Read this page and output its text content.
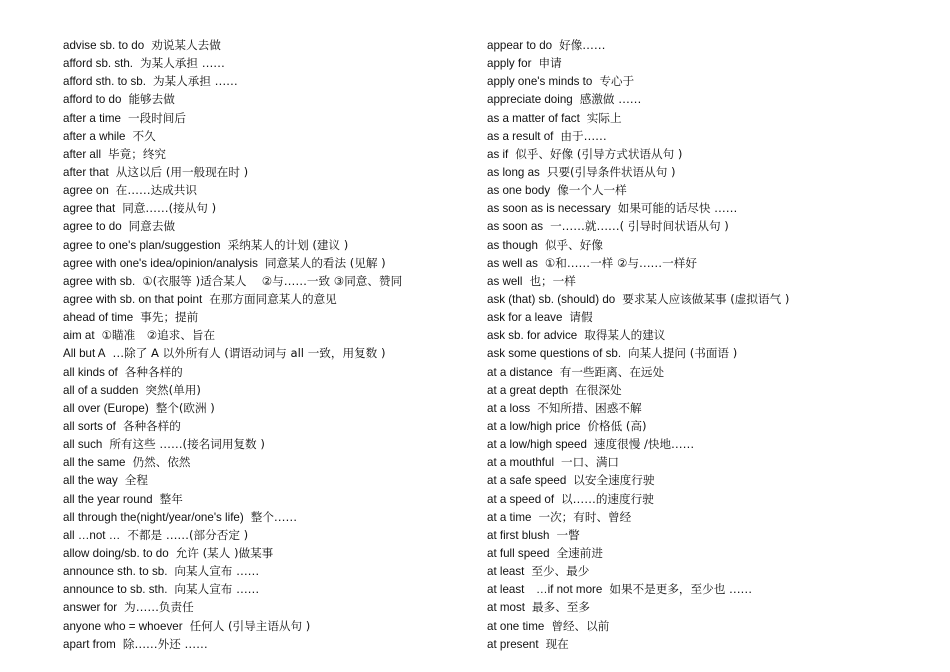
advise sb. to do 劝说某人去做
afford sb. sth. 为某人承担 ……
afford sth. to sb. 为某人承担 ……
afford to do 能够去做
after a time 一段时间后
after a while 不久
after all 毕竟；终究
after that 从这以后 (用一般现在时 )
agree on 在……达成共识
agree that 同意……(接从句 )
agree to do 同意去做
agree to one's plan/suggestion 采纳某人的计划 (建议 )
agree with one's idea/opinion/analysis 同意某人的看法 (见解 )
agree with sb. ①(衣服等 )适合某人　 ②与……一致 ③同意、赞同
agree with sb. on that point 在那方面同意某人的意见
ahead of time 事先；提前
aim at ①瞄准　②追求、旨在
All but A …除了 A 以外所有人 (谓语动词与 all 一致，用复数 )
all kinds of 各种各样的
all of a sudden 突然(单用)
all over (Europe) 整个(欧洲 )
all sorts of 各种各样的
all such 所有这些 ……(接名词用复数 )
all the same 仍然、依然
all the way 全程
all the year round 整年
all through the(night/year/one's life) 整个……
all …not … 不都是 ……(部分否定 )
allow doing/sb. to do 允许 (某人 )做某事
announce sth. to sb. 向某人宣布 ……
announce to sb. sth. 向某人宣布 ……
answer for 为……负责任
anyone who = whoever 任何人 (引导主语从句 )
apart from 除……外还 ……
appear to do 好像……
apply for 申请
apply one's minds to 专心于
appreciate doing 感激做 ……
as a matter of fact 实际上
as a result of 由于……
as if 似乎、好像 (引导方式状语从句 )
as long as 只要(引导条件状语从句 )
as one body 像一个人一样
as soon as is necessary 如果可能的话尽快 ……
as soon as 一……就……( 引导时间状语从句 )
as though 似乎、好像
as well as ①和……一样 ②与……一样好
as well 也；一样
ask (that) sb. (should) do 要求某人应该做某事 (虚拟语气 )
ask for a leave 请假
ask sb. for advice 取得某人的建议
ask some questions of sb. 向某人提问 (书面语 )
at a distance 有一些距离、在远处
at a great depth 在很深处
at a loss 不知所措、困惑不解
at a low/high price 价格低 (高)
at a low/high speed 速度很慢 /快地……
at a mouthful 一口、满口
at a safe speed 以安全速度行驶
at a speed of 以……的速度行驶
at a time 一次；有时、曾经
at first blush 一瞥
at full speed 全速前进
at least 至少、最少
at least　…if not more 如果不是更多，至少也 ……
at most 最多、至多
at one time 曾经、以前
at present 现在
